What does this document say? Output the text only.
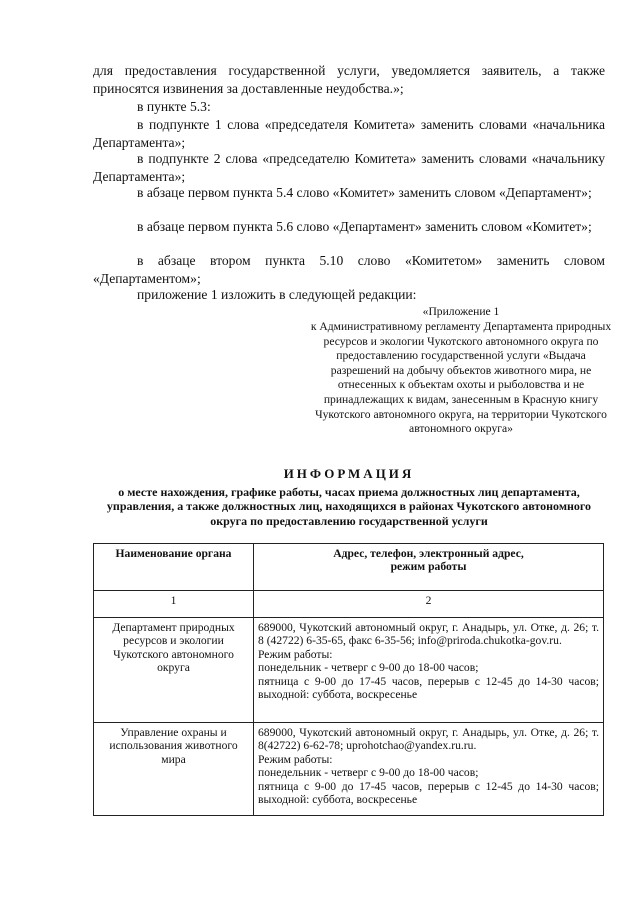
для предоставления государственной услуги, уведомляется заявитель, а также приносятся извинения за доставленные неудобства.»;
в пункте 5.3:
в подпункте 1 слова «председателя Комитета» заменить словами «начальника Департамента»;
в подпункте 2 слова «председателю Комитета» заменить словами «начальнику Департамента»;
в абзаце первом пункта 5.4 слово «Комитет» заменить словом «Департамент»;
в абзаце первом пункта 5.6 слово «Департамент» заменить словом «Комитет»;
в абзаце втором пункта 5.10 слово «Комитетом» заменить словом «Департаментом»;
приложение 1 изложить в следующей редакции:
«Приложение 1
к Административному регламенту Департамента природных ресурсов и экологии Чукотского автономного округа по предоставлению государственной услуги «Выдача разрешений на добычу объектов животного мира, не отнесенных к объектам охоты и рыболовства и не принадлежащих к видам, занесенным в Красную книгу Чукотского автономного округа, на территории Чукотского автономного округа»
ИНФОРМАЦИЯ
о месте нахождения, графике работы, часах приема должностных лиц департамента, управления, а также должностных лиц, находящихся в районах Чукотского автономного округа по предоставлению государственной услуги
Наименование органа	Адрес, телефон, электронный адрес, режим работы
1	2
Департамент природных ресурсов и экологии Чукотского автономного округа	689000, Чукотский автономный округ, г. Анадырь, ул. Отке, д. 26; т. 8 (42722) 6-35-65, факс 6-35-56; info@priroda.chukotka-gov.ru.
Режим работы:
понедельник - четверг с 9-00 до 18-00 часов;
пятница с 9-00 до 17-45 часов, перерыв с 12-45 до 14-30 часов; выходной: суббота, воскресенье

Управление охраны и использования животного мира	689000, Чукотский автономный округ, г. Анадырь, ул. Отке, д. 26; т. 8(42722) 6-62-78; uprohotchao@yandex.ru.ru.
Режим работы:
понедельник - четверг с 9-00 до 18-00 часов;
пятница с 9-00 до 17-45 часов, перерыв с 12-45 до 14-30 часов; выходной: суббота, воскресенье
